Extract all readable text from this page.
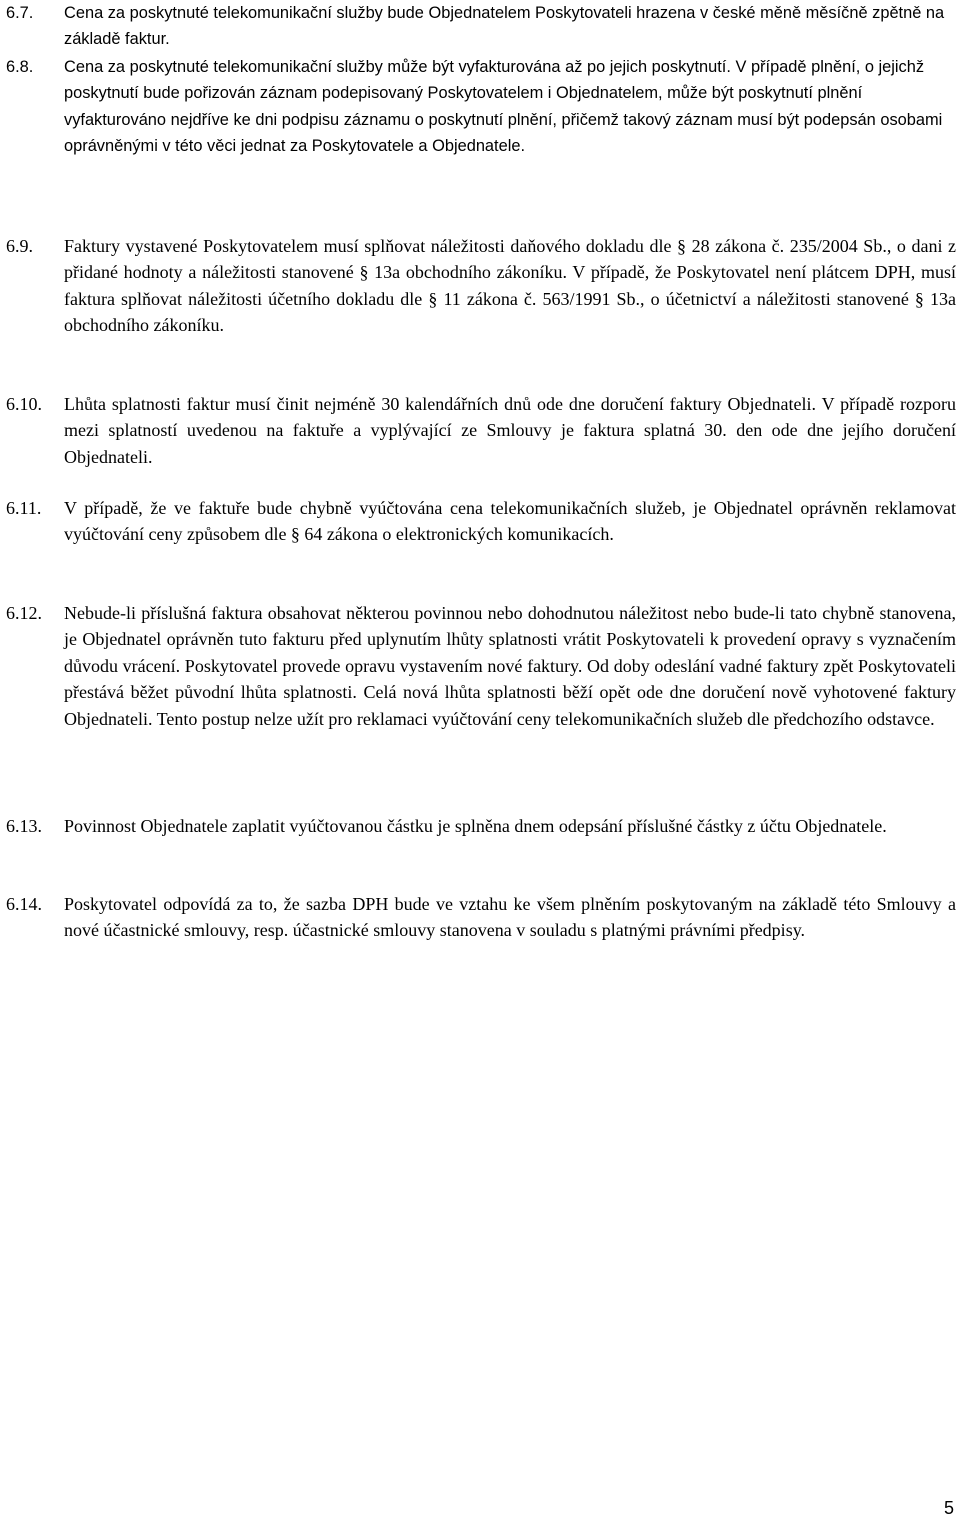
6.7.	Cena za poskytnuté telekomunikační služby bude Objednatelem Poskytovateli hrazena v české měně měsíčně zpětně na základě faktur.
6.8.	Cena za poskytnuté telekomunikační služby může být vyfakturována až po jejich poskytnutí. V případě plnění, o jejichž poskytnutí bude pořizován záznam podepisovaný Poskytovatelem i Objednatelem, může být poskytnutí plnění vyfakturováno nejdříve ke dni podpisu záznamu o poskytnutí plnění, přičemž takový záznam musí být podepsán osobami oprávněnými v této věci jednat za Poskytovatele a Objednatele.
6.9.	Faktury vystavené Poskytovatelem musí splňovat náležitosti daňového dokladu dle § 28 zákona č. 235/2004 Sb., o dani z přidané hodnoty a náležitosti stanovené § 13a obchodního zákoníku. V případě, že Poskytovatel není plátcem DPH, musí faktura splňovat náležitosti účetního dokladu dle § 11 zákona č. 563/1991 Sb., o účetnictví a náležitosti stanovené § 13a obchodního zákoníku.
6.10.	Lhůta splatnosti faktur musí činit nejméně 30 kalendářních dnů ode dne doručení faktury Objednateli. V případě rozporu mezi splatností uvedenou na faktuře a vyplývající ze Smlouvy je faktura splatná 30. den ode dne jejího doručení Objednateli.
6.11.	V případě, že ve faktuře bude chybně vyúčtována cena telekomunikačních služeb, je Objednatel oprávněn reklamovat vyúčtování ceny způsobem dle § 64 zákona o elektronických komunikacích.
6.12.	Nebude-li příslušná faktura obsahovat některou povinnou nebo dohodnutou náležitost nebo bude-li tato chybně stanovena, je Objednatel oprávněn tuto fakturu před uplynutím lhůty splatnosti vrátit Poskytovateli k provedení opravy s vyznačením důvodu vrácení. Poskytovatel provede opravu vystavením nové faktury. Od doby odeslání vadné faktury zpět Poskytovateli přestává běžet původní lhůta splatnosti. Celá nová lhůta splatnosti běží opět ode dne doručení nově vyhotovené faktury Objednateli. Tento postup nelze užít pro reklamaci vyúčtování ceny telekomunikačních služeb dle předchozího odstavce.
6.13.	Povinnost Objednatele zaplatit vyúčtovanou částku je splněna dnem odepsání příslušné částky z účtu Objednatele.
6.14.	Poskytovatel odpovídá za to, že sazba DPH bude ve vztahu ke všem plněním poskytovaným na základě této Smlouvy a nové účastnické smlouvy, resp. účastnické smlouvy stanovena v souladu s platnými právními předpisy.
5
